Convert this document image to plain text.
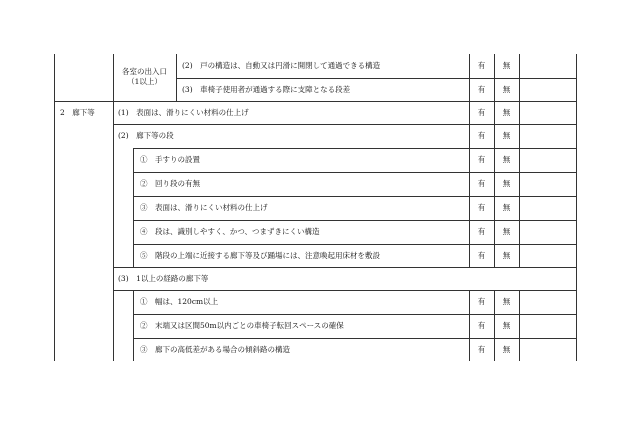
各室の出入口
（1以上）
(2)　戸の構造は、自動又は円滑に開閉して通過できる構造	有	無
(3)　車椅子使用者が通過する際に支障となる段差	有	無
2　廊下等	(1)　表面は、滑りにくい材料の仕上げ	有	無
(2)　廊下等の段	有	無
①　手すりの設置	有	無
②　回り段の有無	有	無
③　表面は、滑りにくい材料の仕上げ	有	無
④　段は、識別しやすく、かつ、つまずきにくい構造	有	無
⑤　階段の上端に近接する廊下等及び踊場には、注意喚起用床材を敷設	有	無
(3)　1以上の経路の廊下等
①　幅は、120cm以上	有	無
②　末端又は区間50m以内ごとの車椅子転回スペースの確保	有	無
③　廊下の高低差がある場合の傾斜路の構造	有	無
